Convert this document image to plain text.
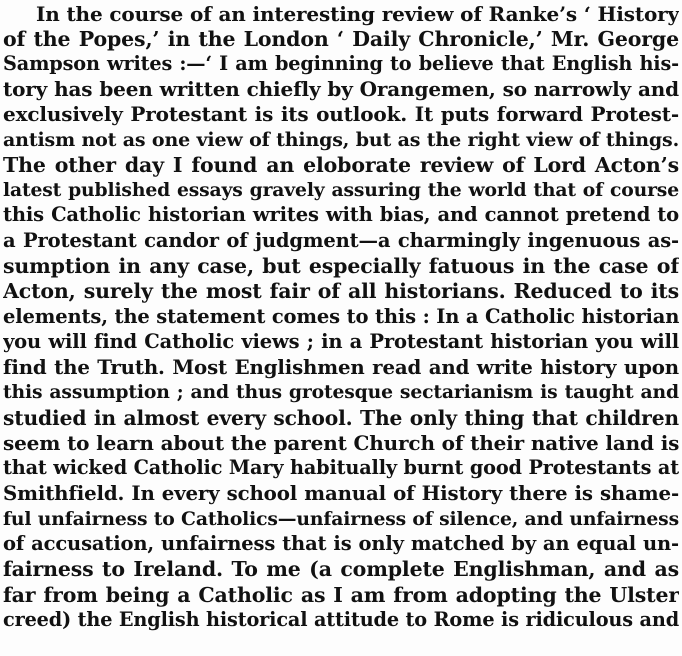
In the course of an interesting review of Ranke’s ‘ History
of the Popes,’ in the London ‘ Daily Chronicle,’ Mr. George
Sampson writes :—‘ I am beginning to believe that English his-
tory has been written chiefly by Orangemen, so narrowly and
exclusively Protestant is its outlook. It puts forward Protest-
antism not as one view of things, but as the right view of things.
The other day I found an eloborate review of Lord Acton’s
latest published essays gravely assuring the world that of course
this Catholic historian writes with bias, and cannot pretend to
a Protestant candor of judgment—a charmingly ingenuous as-
sumption in any case, but especially fatuous in the case of
Acton, surely the most fair of all historians. Reduced to its
elements, the statement comes to this : In a Catholic historian
you will find Catholic views ; in a Protestant historian you will
find the Truth. Most Englishmen read and write history upon
this assumption ; and thus grotesque sectarianism is taught and
studied in almost every school. The only thing that children
seem to learn about the parent Church of their native land is
that wicked Catholic Mary habitually burnt good Protestants at
Smithfield. In every school manual of History there is shame-
ful unfairness to Catholics—unfairness of silence, and unfairness
of accusation, unfairness that is only matched by an equal un-
fairness to Ireland. To me (a complete Englishman, and as
far from being a Catholic as I am from adopting the Ulster
creed) the English historical attitude to Rome is ridiculous and
